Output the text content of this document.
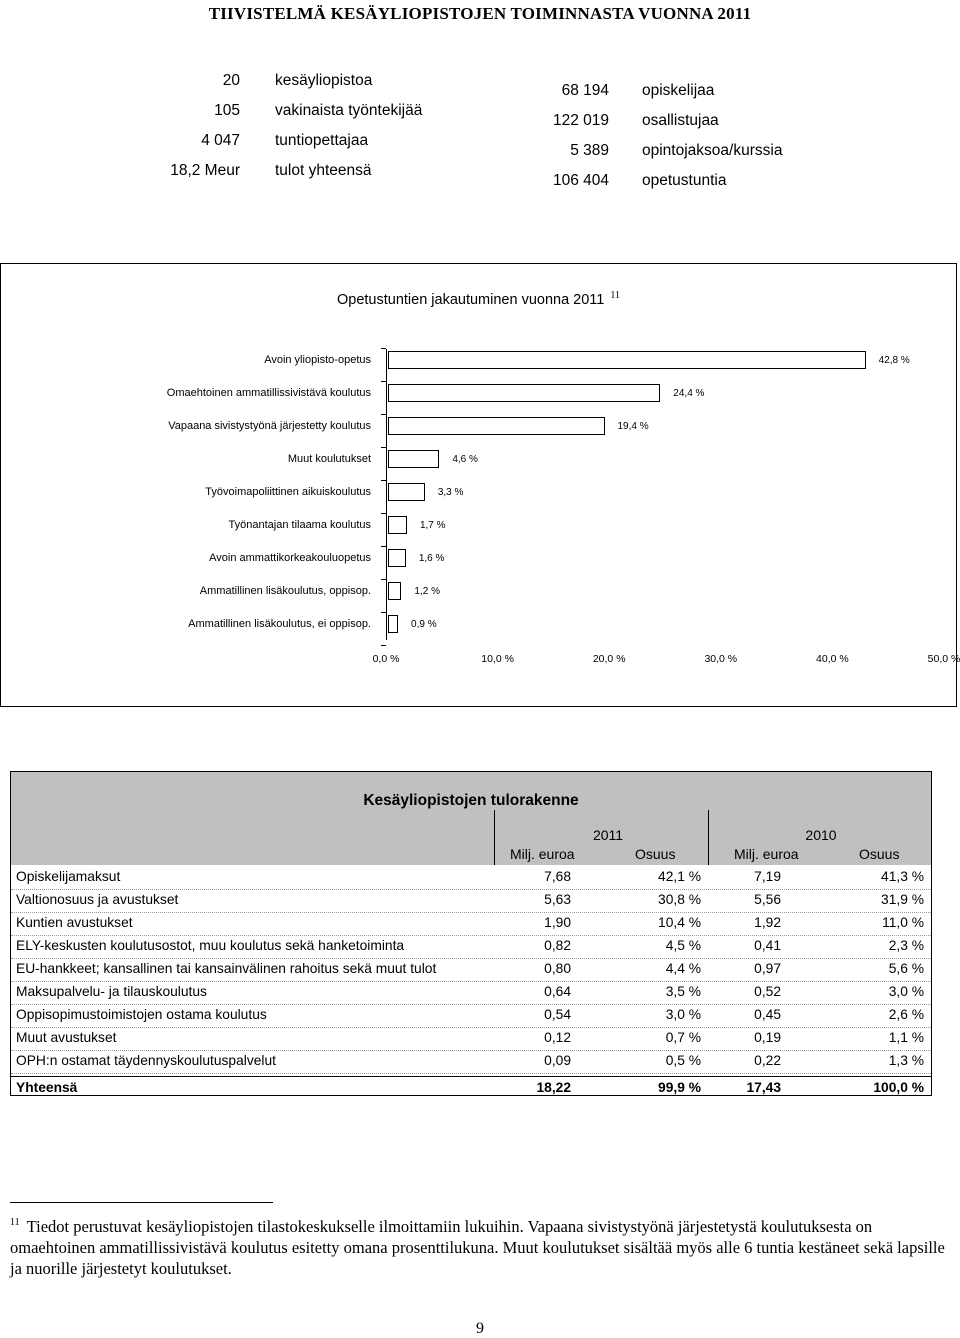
TIIVISTELMÄ KESÄYLIOPISTOJEN TOIMINNASTA VUONNA 2011
20 kesäyliopistoa
105 vakinaista työntekijää
4 047 tuntiopettajaa
18,2 Meur tulot yhteensä
68 194 opiskelijaa
122 019 osallistujaa
5 389 opintojaksoa/kurssia
106 404 opetustuntia
Opetustuntien jakautuminen vuonna 2011 $^{11}$
Avoin yliopisto-opetus	42,8 %
Omaehtoinen ammatillissivistävä koulutus	24,4 %
Vapaana sivistystyönä järjestetty koulutus	19,4 %
Muut koulutukset	4,6 %
Työvoimapoliittinen aikuiskoulutus	3,3 %
Työnantajan tilaama koulutus	1,7 %
Avoin ammattikorkeakouluopetus	1,6 %
Ammatillinen lisäkoulutus, oppisop.	1,2 %
Ammatillinen lisäkoulutus, ei oppisop.	0,9 %
0,0 %	10,0 %	20,0 %	30,0 %	40,0 %	50,0 %
Kesäyliopistojen tulorakenne
2011	2010
Milj. euroa	Osuus	Milj. euroa	Osuus
Opiskelijamaksut	7,68	42,1 %	7,19	41,3 %
Valtionosuus ja avustukset	5,63	30,8 %	5,56	31,9 %
Kuntien avustukset	1,90	10,4 %	1,92	11,0 %
ELY-keskusten koulutusostot, muu koulutus sekä hanketoiminta	0,82	4,5 %	0,41	2,3 %
EU-hankkeet; kansallinen tai kansainvälinen rahoitus sekä muut tulot	0,80	4,4 %	0,97	5,6 %
Maksupalvelu- ja tilauskoulutus	0,64	3,5 %	0,52	3,0 %
Oppisopimustoimistojen ostama koulutus	0,54	3,0 %	0,45	2,6 %
Muut avustukset	0,12	0,7 %	0,19	1,1 %
OPH:n ostamat täydennyskoulutuspalvelut	0,09	0,5 %	0,22	1,3 %
Yhteensä	18,22	99,9 %	17,43	100,0 %
$^{11}$ Tiedot perustuvat kesäyliopistojen tilastokeskukselle ilmoittamiin lukuihin. Vapaana sivistystyönä järjestetystä koulutuksesta on omaehtoinen ammatillissivistävä koulutus esitetty omana prosenttilukuna. Muut koulutukset sisältää myös alle 6 tuntia kestäneet sekä lapsille ja nuorille järjestetyt koulutukset.
9
